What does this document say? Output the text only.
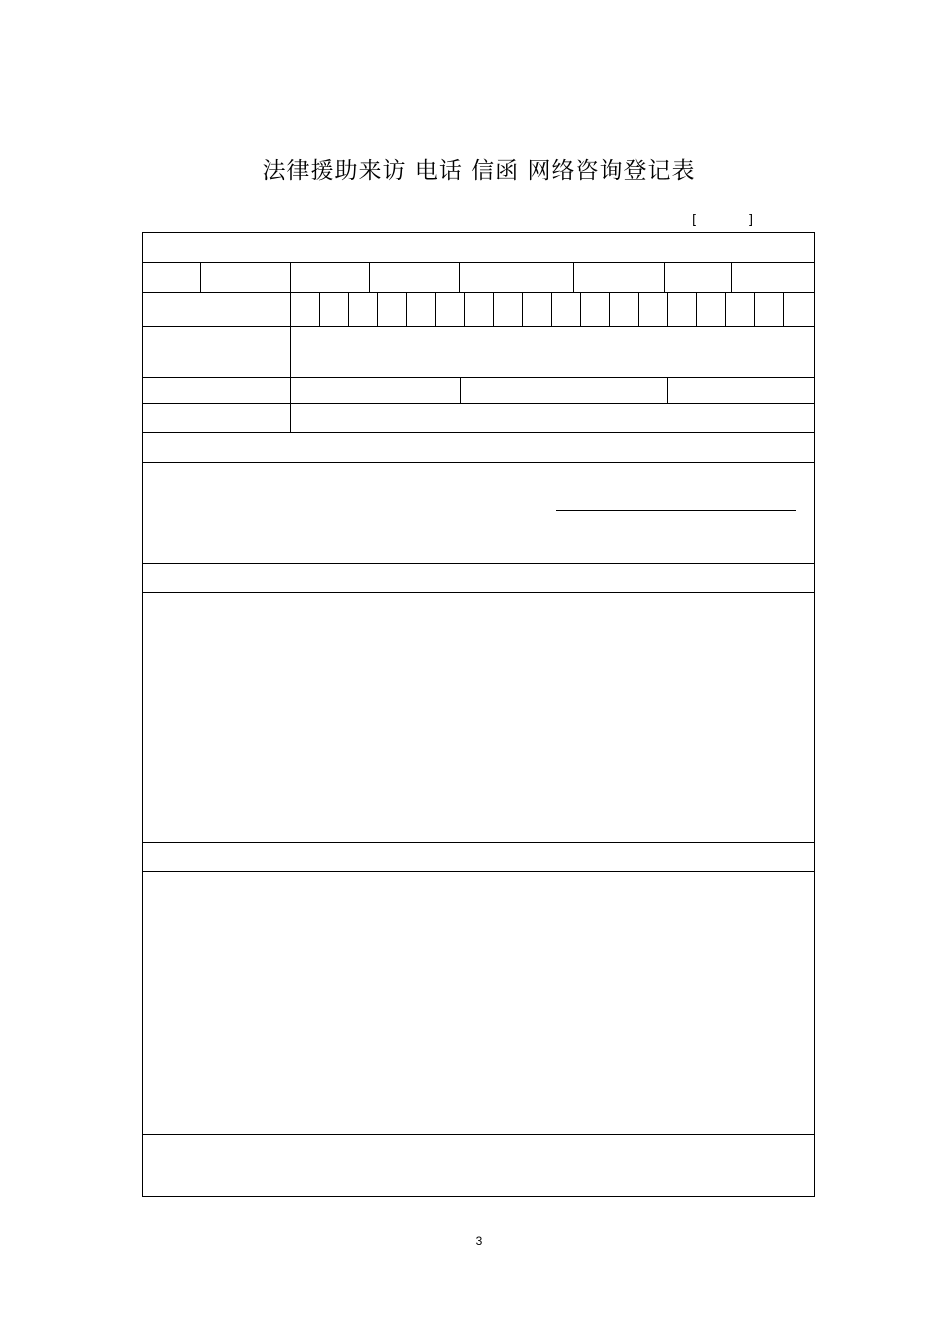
法律援助来访 电话 信函 网络咨询登记表
[	]
3
